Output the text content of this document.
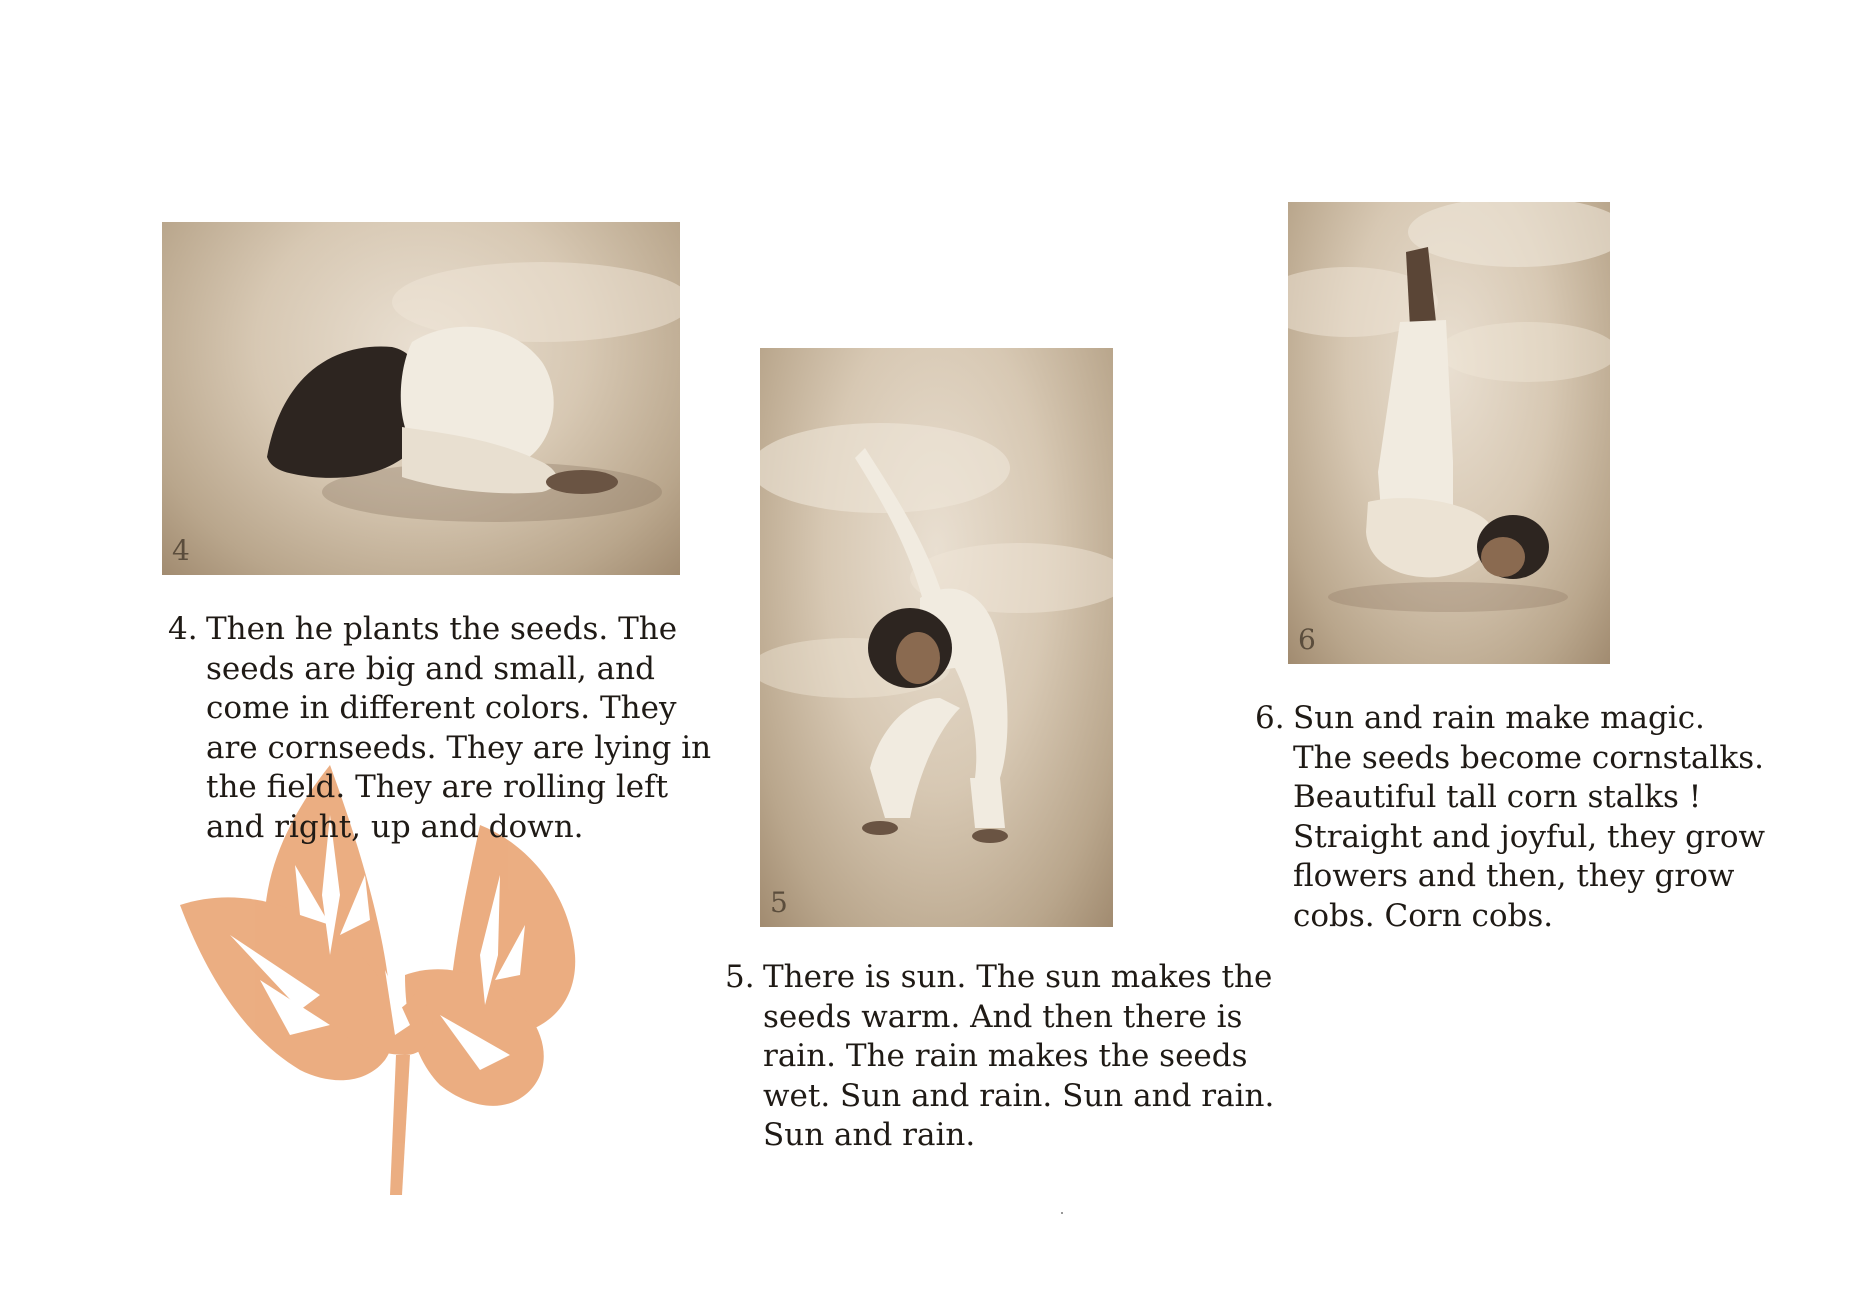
4
5
6
4. Then he plants the seeds. The
seeds are big and small, and
come in different colors. They
are cornseeds. They are lying in
the field. They are rolling left
and right, up and down.
5. There is sun. The sun makes the
seeds warm. And then there is
rain. The rain makes the seeds
wet. Sun and rain. Sun and rain.
Sun and rain.
6. Sun and rain make magic.
The seeds become cornstalks.
Beautiful tall corn stalks !
Straight and joyful, they grow
flowers and then, they grow
cobs. Corn cobs.
